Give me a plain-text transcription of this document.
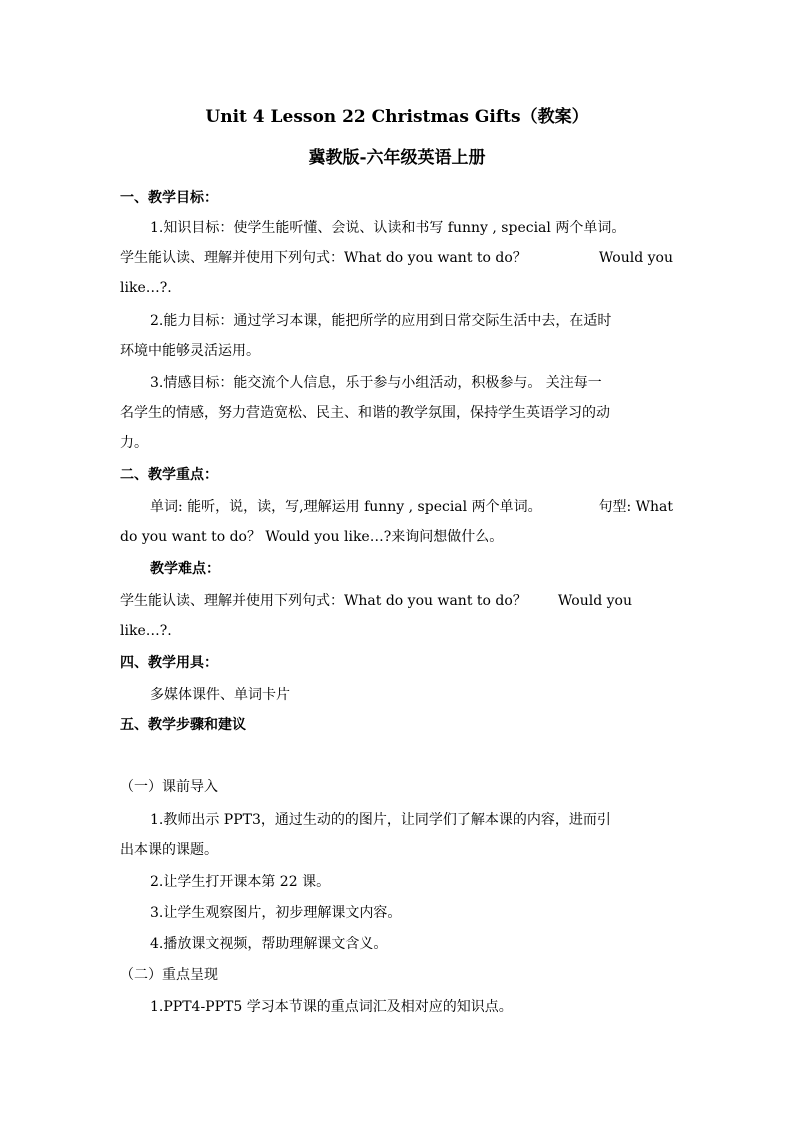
Unit 4 Lesson 22 Christmas Gifts（教案）
冀教版-六年级英语上册
一、教学目标：
1.知识目标：使学生能听懂、会说、认读和书写 funny , special 两个单词。
学生能认读、理解并使用下列句式：What do you want to do？	Would you
like…?.
2.能力目标：通过学习本课，能把所学的应用到日常交际生活中去，在适时
环境中能够灵活运用。
3.情感目标：能交流个人信息，乐于参与小组活动，积极参与。 关注每一
名学生的情感，努力营造宽松、民主、和谐的教学氛围，保持学生英语学习的动
力。
二、教学重点：
单词: 能听，说，读，写,理解运用 funny , special 两个单词。	句型: What
do you want to do？ Would you like…?来询问想做什么。
教学难点：
学生能认读、理解并使用下列句式：What do you want to do？ Would you
like…?.
四、教学用具：
多媒体课件、单词卡片
五、教学步骤和建议
（一）课前导入
1.教师出示 PPT3，通过生动的的图片，让同学们了解本课的内容，进而引
出本课的课题。
2.让学生打开课本第 22 课。
3.让学生观察图片，初步理解课文内容。
4.播放课文视频，帮助理解课文含义。
（二）重点呈现
1.PPT4-PPT5 学习本节课的重点词汇及相对应的知识点。
